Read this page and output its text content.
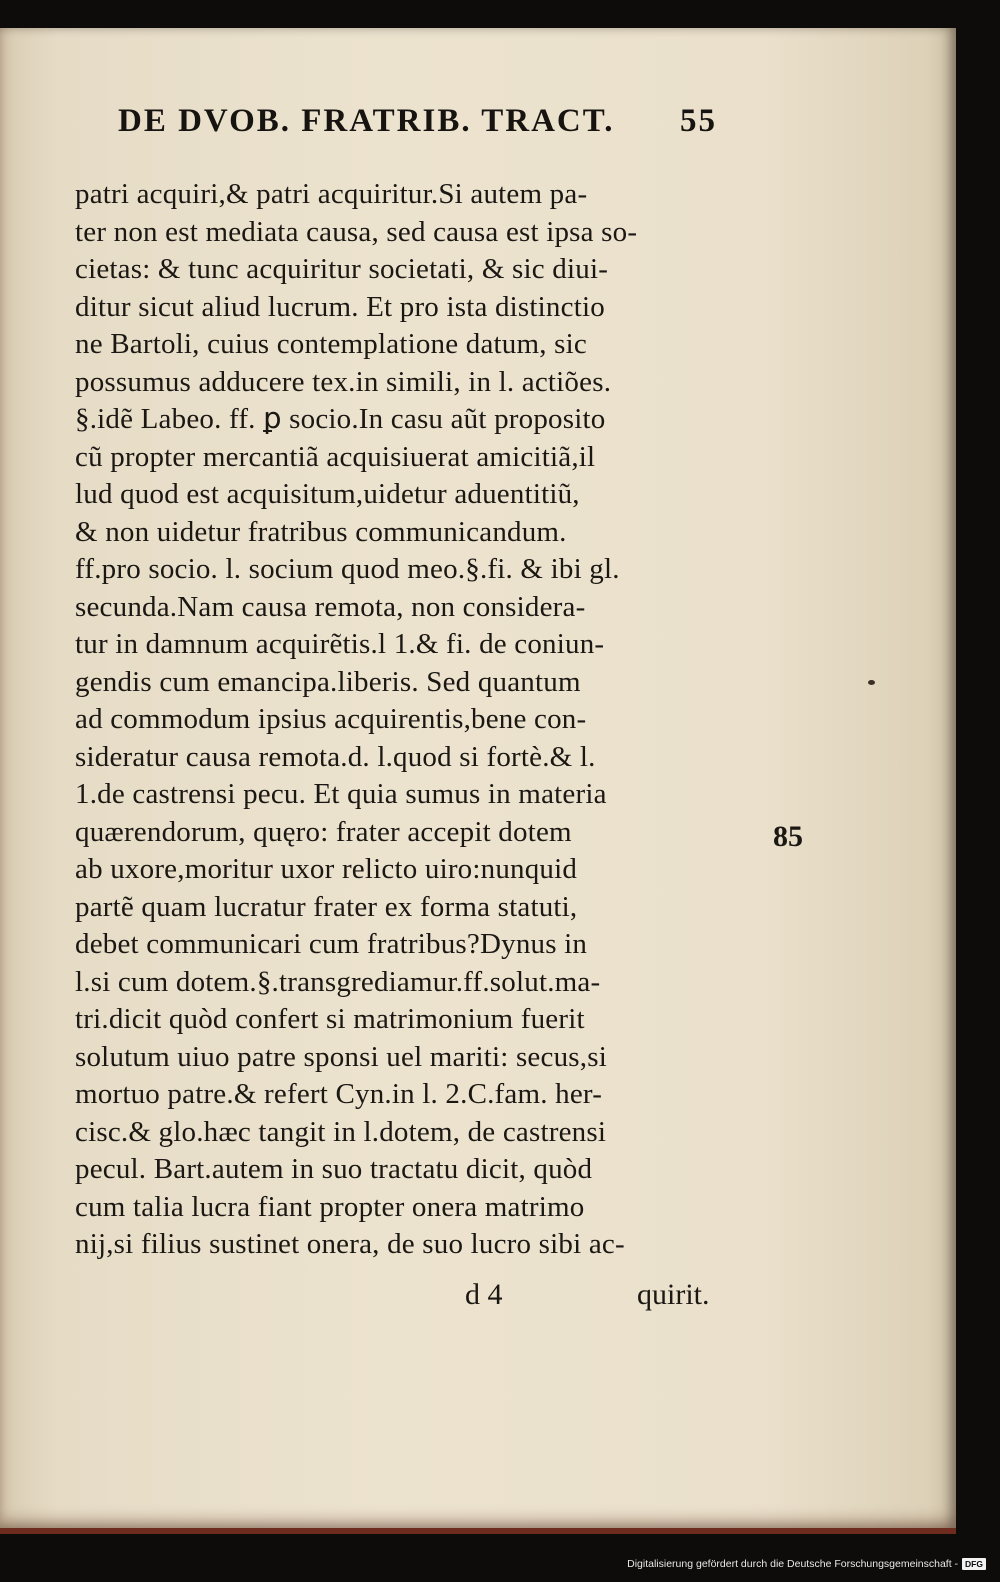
DE DVOB. FRATRIB. TRACT. 55
patri acquiri,& patri acquiritur.Si autem pa-
ter non est mediata causa, sed causa est ipsa so-
cietas: & tunc acquiritur societati, & sic diui-
ditur sicut aliud lucrum. Et pro ista distinctio
ne Bartoli, cuius contemplatione datum, sic
possumus adducere tex.in simili, in l. actiões.
§.idẽ Labeo. ff. ꝑ socio.In casu aũt proposito
cũ propter mercantiã acquisiuerat amicitiã,il
lud quod est acquisitum,uidetur aduentitiũ,
& non uidetur fratribus communicandum.
ff.pro socio. l. socium quod meo.§.fi. & ibi gl.
secunda.Nam causa remota, non considera-
tur in damnum acquirẽtis.l 1.& fi. de coniun-
gendis cum emancipa.liberis. Sed quantum
ad commodum ipsius acquirentis,bene con-
sideratur causa remota.d. l.quod si fortè.& l.
1.de castrensi pecu. Et quia sumus in materia
quærendorum, quęro: frater accepit dotem
ab uxore,moritur uxor relicto uiro:nunquid
partẽ quam lucratur frater ex forma statuti,
debet communicari cum fratribus?Dynus in
l.si cum dotem.§.transgrediamur.ff.solut.ma-
tri.dicit quòd confert si matrimonium fuerit
solutum uiuo patre sponsi uel mariti: secus,si
mortuo patre.& refert Cyn.in l. 2.C.fam. her-
cisc.& glo.hæc tangit in l.dotem, de castrensi
pecul. Bart.autem in suo tractatu dicit, quòd
cum talia lucra fiant propter onera matrimo
nij,si filius sustinet onera, de suo lucro sibi ac-
85
d 4	quirit.
Digitalisierung gefördert durch die Deutsche Forschungsgemeinschaft - DFG
